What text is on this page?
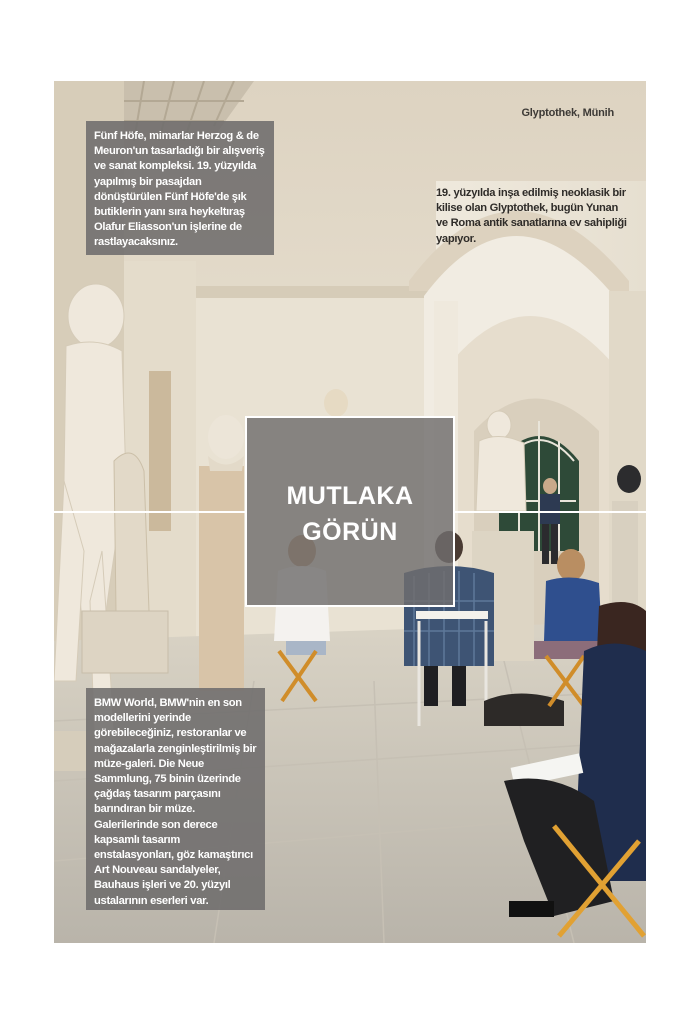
Fünf Höfe, mimarlar Herzog & de Meuron'un tasarladığı bir alışveriş ve sanat kompleksi. 19. yüzyılda yapılmış bir pasajdan dönüştürülen Fünf Höfe'de şık butiklerin yanı sıra heykeltıraş Olafur Eliasson'un işlerine de rastlayacaksınız.

Glyptothek, Münih
19. yüzyılda inşa edilmiş neoklasik bir kilise olan Glyptothek, bugün Yunan ve Roma antik sanatlarına ev sahipliği yapıyor.
MUTLAKA
GÖRÜN

BMW World, BMW'nin en son modellerini yerinde görebileceğiniz, restoranlar ve mağazalarla zenginleştirilmiş bir müze-galeri. Die Neue Sammlung, 75 binin üzerinde çağdaş tasarım parçasını barındıran bir müze. Galerilerinde son derece kapsamlı tasarım enstalasyonları, göz kamaştırıcı Art Nouveau sandalyeler, Bauhaus işleri ve 20. yüzyıl ustalarının eserleri var.
